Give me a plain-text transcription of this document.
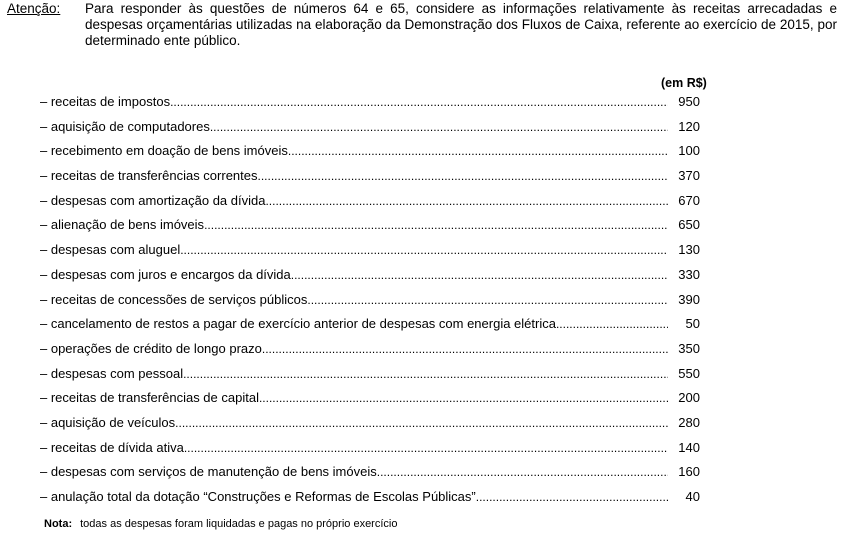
Atenção: Para responder às questões de números 64 e 65, considere as informações relativamente às receitas arrecadadas e despesas orçamentárias utilizadas na elaboração da Demonstração dos Fluxos de Caixa, referente ao exercício de 2015, por determinado ente público.
(em R$)
– receitas de impostos .....	950
– aquisição de computadores .....	120
– recebimento em doação de bens imóveis .....	100
– receitas de transferências correntes .....	370
– despesas com amortização da dívida .....	670
– alienação de bens imóveis .....	650
– despesas com aluguel .....	130
– despesas com juros e encargos da dívida .....	330
– receitas de concessões de serviços públicos .....	390
– cancelamento de restos a pagar de exercício anterior de despesas com energia elétrica .....	50
– operações de crédito de longo prazo .....	350
– despesas com pessoal .....	550
– receitas de transferências de capital .....	200
– aquisição de veículos .....	280
– receitas de dívida ativa .....	140
– despesas com serviços de manutenção de bens imóveis .....	160
– anulação total da dotação “Construções e Reformas de Escolas Públicas” .....	40
Nota: todas as despesas foram liquidadas e pagas no próprio exercício
